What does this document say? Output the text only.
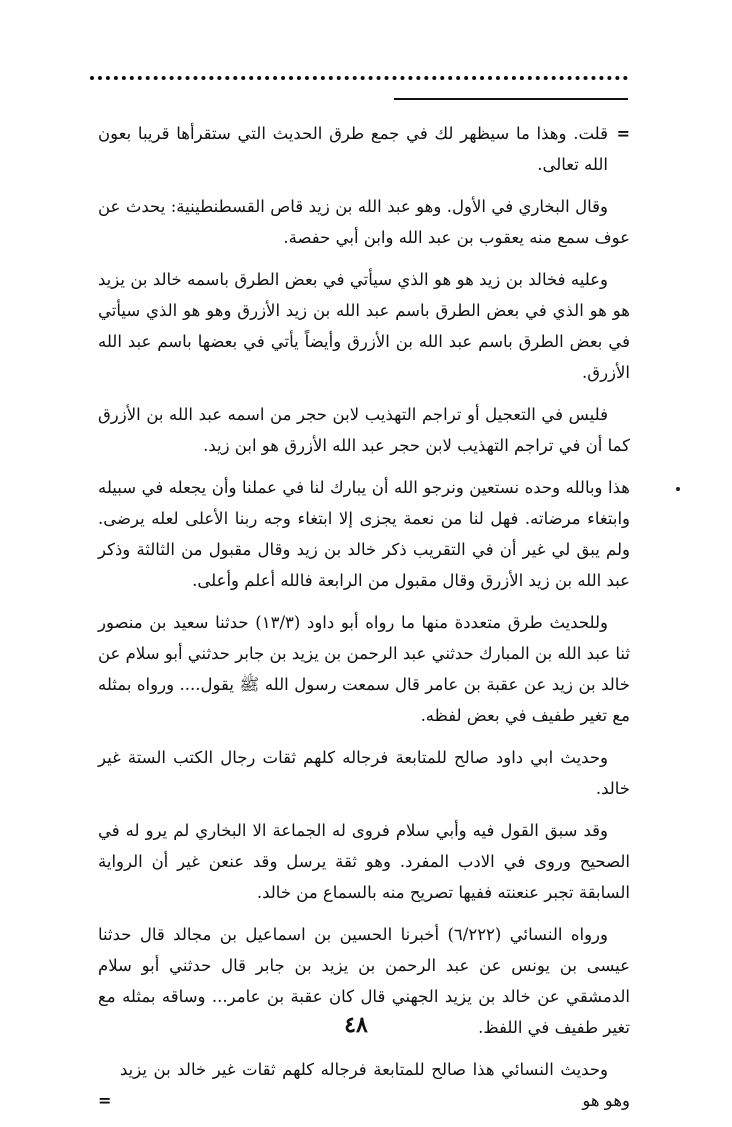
=
قلت. وهذا ما سيظهر لك في جمع طرق الحديث التي ستقرأها قريبا بعون الله تعالى.

وقال البخاري في الأول. وهو عبد الله بن زيد قاص القسطنطينية: يحدث عن عوف سمع منه يعقوب بن عبد الله وابن أبي حفصة.

وعليه فخالد بن زيد هو هو الذي سيأتي في بعض الطرق باسمه خالد بن يزيد هو هو الذي في بعض الطرق باسم عبد الله بن زيد الأزرق وهو هو الذي سيأتي في بعض الطرق باسم عبد الله بن الأزرق وأيضاً يأتي في بعضها باسم عبد الله الأزرق.

فليس في التعجيل أو تراجم التهذيب لابن حجر من اسمه عبد الله بن الأزرق كما أن في تراجم التهذيب لابن حجر عبد الله الأزرق هو ابن زيد.

هذا وبالله وحده نستعين ونرجو الله أن يبارك لنا في عملنا وأن يجعله في سبيله وابتغاء مرضاته. فهل لنا من نعمة يجزى إلا ابتغاء وجه ربنا الأعلى لعله يرضى. ولم يبق لي غير أن في التقريب ذكر خالد بن زيد وقال مقبول من الثالثة وذكر عبد الله بن زيد الأزرق وقال مقبول من الرابعة فالله أعلم وأعلى.

وللحديث طرق متعددة منها ما رواه أبو داود (١٣/٣) حدثنا سعيد بن منصور ثنا عبد الله بن المبارك حدثني عبد الرحمن بن يزيد بن جابر حدثني أبو سلام عن خالد بن زيد عن عقبة بن عامر قال سمعت رسول الله ﷺ يقول.... ورواه بمثله مع تغير طفيف في بعض لفظه.

وحديث ابي داود صالح للمتابعة فرجاله كلهم ثقات رجال الكتب الستة غير خالد.

وقد سبق القول فيه وأبي سلام فروى له الجماعة الا البخاري لم يرو له في الصحيح وروى في الادب المفرد. وهو ثقة يرسل وقد عنعن غير أن الرواية السابقة تجبر عنعنته ففيها تصريح منه بالسماع من خالد.

ورواه النسائي (٦/٢٢٢) أخبرنا الحسين بن اسماعيل بن مجالد قال حدثنا عيسى بن يونس عن عبد الرحمن بن يزيد بن جابر قال حدثني أبو سلام الدمشقي عن خالد بن يزيد الجهني قال كان عقبة بن عامر... وساقه بمثله مع تغير طفيف في اللفظ.

وحديث النسائي هذا صالح للمتابعة فرجاله كلهم ثقات غير خالد بن يزيد وهو هو
=

٤٨
